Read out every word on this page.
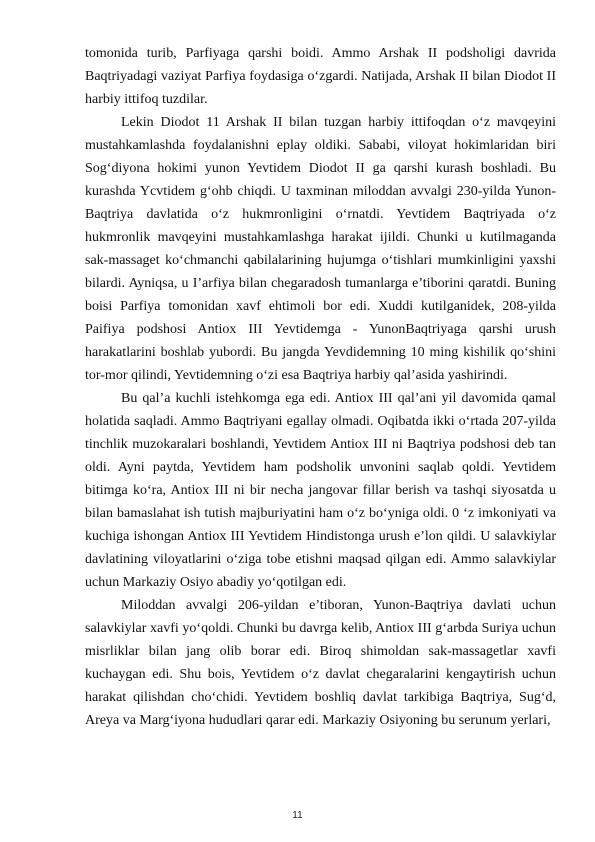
tomonida turib, Parfiyaga qarshi boidi. Ammo Arshak II podsholigi davrida Baqtriyadagi vaziyat Parfiya foydasiga o‘zgardi. Natijada, Arshak II bilan Diodot II harbiy ittifoq tuzdilar.

Lekin Diodot 11 Arshak II bilan tuzgan harbiy ittifoqdan o‘z mavqeyini mustahkamlashda foydalanishni eplay oldiki. Sababi, viloyat hokimlaridan biri Sog‘diyona hokimi yunon Yevtidem Diodot II ga qarshi kurash boshladi. Bu kurashda Ycvtidem g‘ohb chiqdi. U taxminan miloddan avvalgi 230-yilda Yunon-Baqtriya davlatida o‘z hukmronligini o‘rnatdi. Yevtidem Baqtriyada o‘z hukmronlik mavqeyini mustahkamlashga harakat ijildi. Chunki u kutilmaganda sak-massaget ko‘chmanchi qabilalarining hujumga o‘tishlari mumkinligini yaxshi bilardi. Ayniqsa, u I’arfiya bilan chegaradosh tumanlarga e’tiborini qaratdi. Buning boisi Parfiya tomonidan xavf ehtimoli bor edi. Xuddi kutilganidek, 208-yilda Paifiya podshosi Antiox III Yevtidemga - YunonBaqtriyaga qarshi urush harakatlarini boshlab yubordi. Bu jangda Yevdidemning 10 ming kishilik qo‘shini tor-mor qilindi, Yevtidemning o‘zi esa Baqtriya harbiy qal’asida yashirindi.

Bu qal’a kuchli istehkomga ega edi. Antiox III qal’ani yil davomida qamal holatida saqladi. Ammo Baqtriyani egallay olmadi. Oqibatda ikki o‘rtada 207-yilda tinchlik muzokaralari boshlandi, Yevtidem Antiox III ni Baqtriya podshosi deb tan oldi. Ayni paytda, Yevtidem ham podsholik unvonini saqlab qoldi. Yevtidem bitimga ko‘ra, Antiox III ni bir necha jangovar fillar berish va tashqi siyosatda u bilan bamaslahat ish tutish majburiyatini ham o‘z bo‘yniga oldi. 0 ‘z imkoniyati va kuchiga ishongan Antiox III Yevtidem Hindistonga urush e’lon qildi. U salavkiylar davlatining viloyatlarini o‘ziga tobe etishni maqsad qilgan edi. Ammo salavkiylar uchun Markaziy Osiyo abadiy yo‘qotilgan edi.

Miloddan avvalgi 206-yildan e’tiboran, Yunon-Baqtriya davlati uchun salavkiylar xavfi yo‘qoldi. Chunki bu davrga kelib, Antiox III g‘arbda Suriya uchun misrliklar bilan jang olib borar edi. Biroq shimoldan sak-massagetlar xavfi kuchaygan edi. Shu bois, Yevtidem o‘z davlat chegaralarini kengaytirish uchun harakat qilishdan cho‘chidi. Yevtidem boshliq davlat tarkibiga Baqtriya, Sug‘d, Areya va Marg‘iyona hududlari qarar edi. Markaziy Osiyoning bu serunum yerlari,

11
